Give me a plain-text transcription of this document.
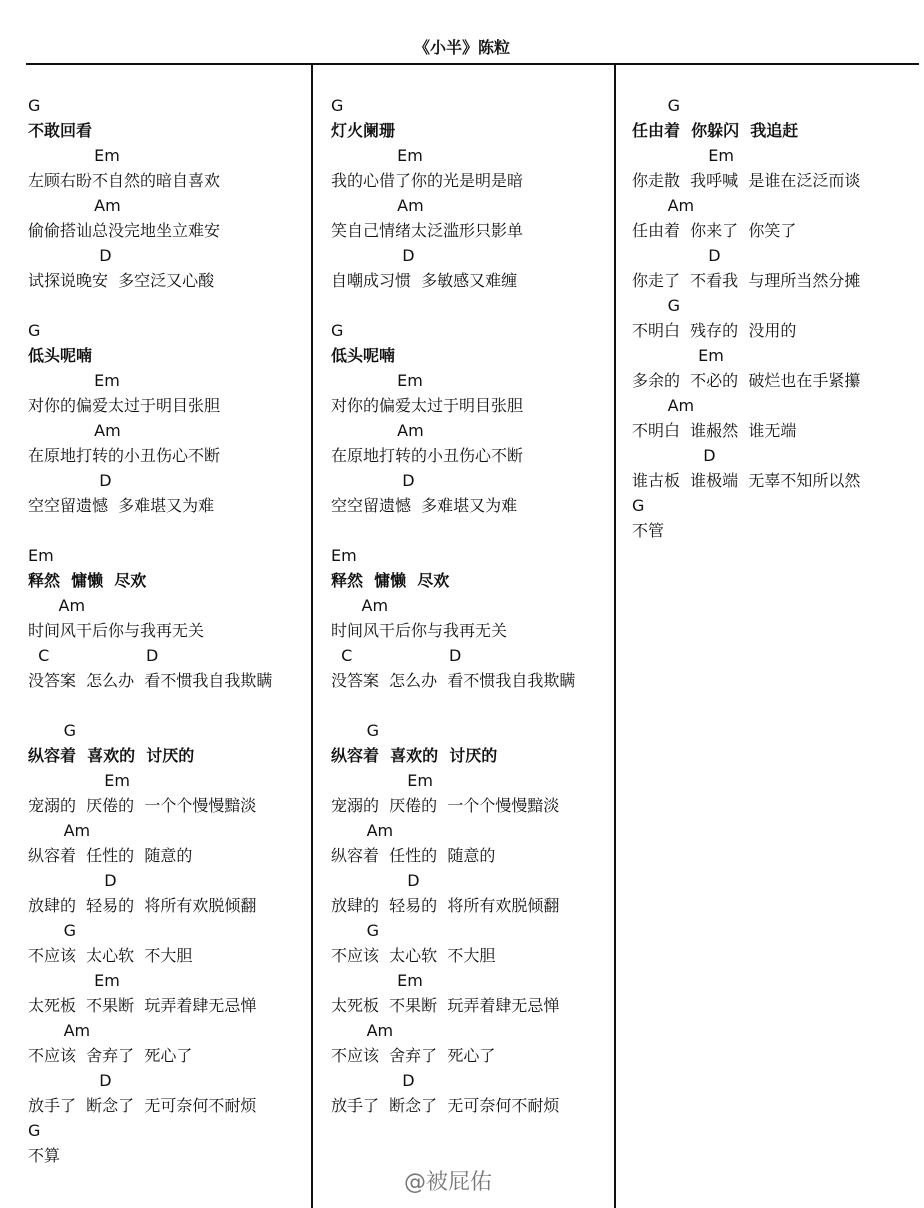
《小半》陈粒
G
不敢回看
Em
左顾右盼不自然的暗自喜欢
Am
偷偷搭讪总没完地坐立难安
D
试探说晚安  多空泛又心酸
G
低头呢喃
Em
对你的偏爱太过于明目张胆
Am
在原地打转的小丑伤心不断
D
空空留遗憾  多难堪又为难
Em
释然  慵懒  尽欢
Am
时间风干后你与我再无关
C                   D
没答案  怎么办  看不惯我自我欺瞒
G
纵容着  喜欢的  讨厌的
Em
宠溺的  厌倦的  一个个慢慢黯淡
Am
纵容着  任性的  随意的
D
放肆的  轻易的  将所有欢脱倾翻
G
不应该  太心软  不大胆
Em
太死板  不果断  玩弄着肆无忌惮
Am
不应该  舍弃了  死心了
D
放手了  断念了  无可奈何不耐烦
G
不算
G
灯火阑珊
Em
我的心借了你的光是明是暗
Am
笑自己情绪太泛滥形只影单
D
自嘲成习惯  多敏感又难缠
G
低头呢喃
Em
对你的偏爱太过于明目张胆
Am
在原地打转的小丑伤心不断
D
空空留遗憾  多难堪又为难
Em
释然  慵懒  尽欢
Am
时间风干后你与我再无关
C                   D
没答案  怎么办  看不惯我自我欺瞒
G
纵容着  喜欢的  讨厌的
Em
宠溺的  厌倦的  一个个慢慢黯淡
Am
纵容着  任性的  随意的
D
放肆的  轻易的  将所有欢脱倾翻
G
不应该  太心软  不大胆
Em
太死板  不果断  玩弄着肆无忌惮
Am
不应该  舍弃了  死心了
D
放手了  断念了  无可奈何不耐烦
G
任由着  你躲闪  我追赶
Em
你走散  我呼喊  是谁在泛泛而谈
Am
任由着  你来了  你笑了
D
你走了  不看我  与理所当然分摊
G
不明白  残存的  没用的
Em
多余的  不必的  破烂也在手紧攥
Am
不明白  谁赧然  谁无端
D
谁古板  谁极端  无辜不知所以然
G
不管
@被屁佑
